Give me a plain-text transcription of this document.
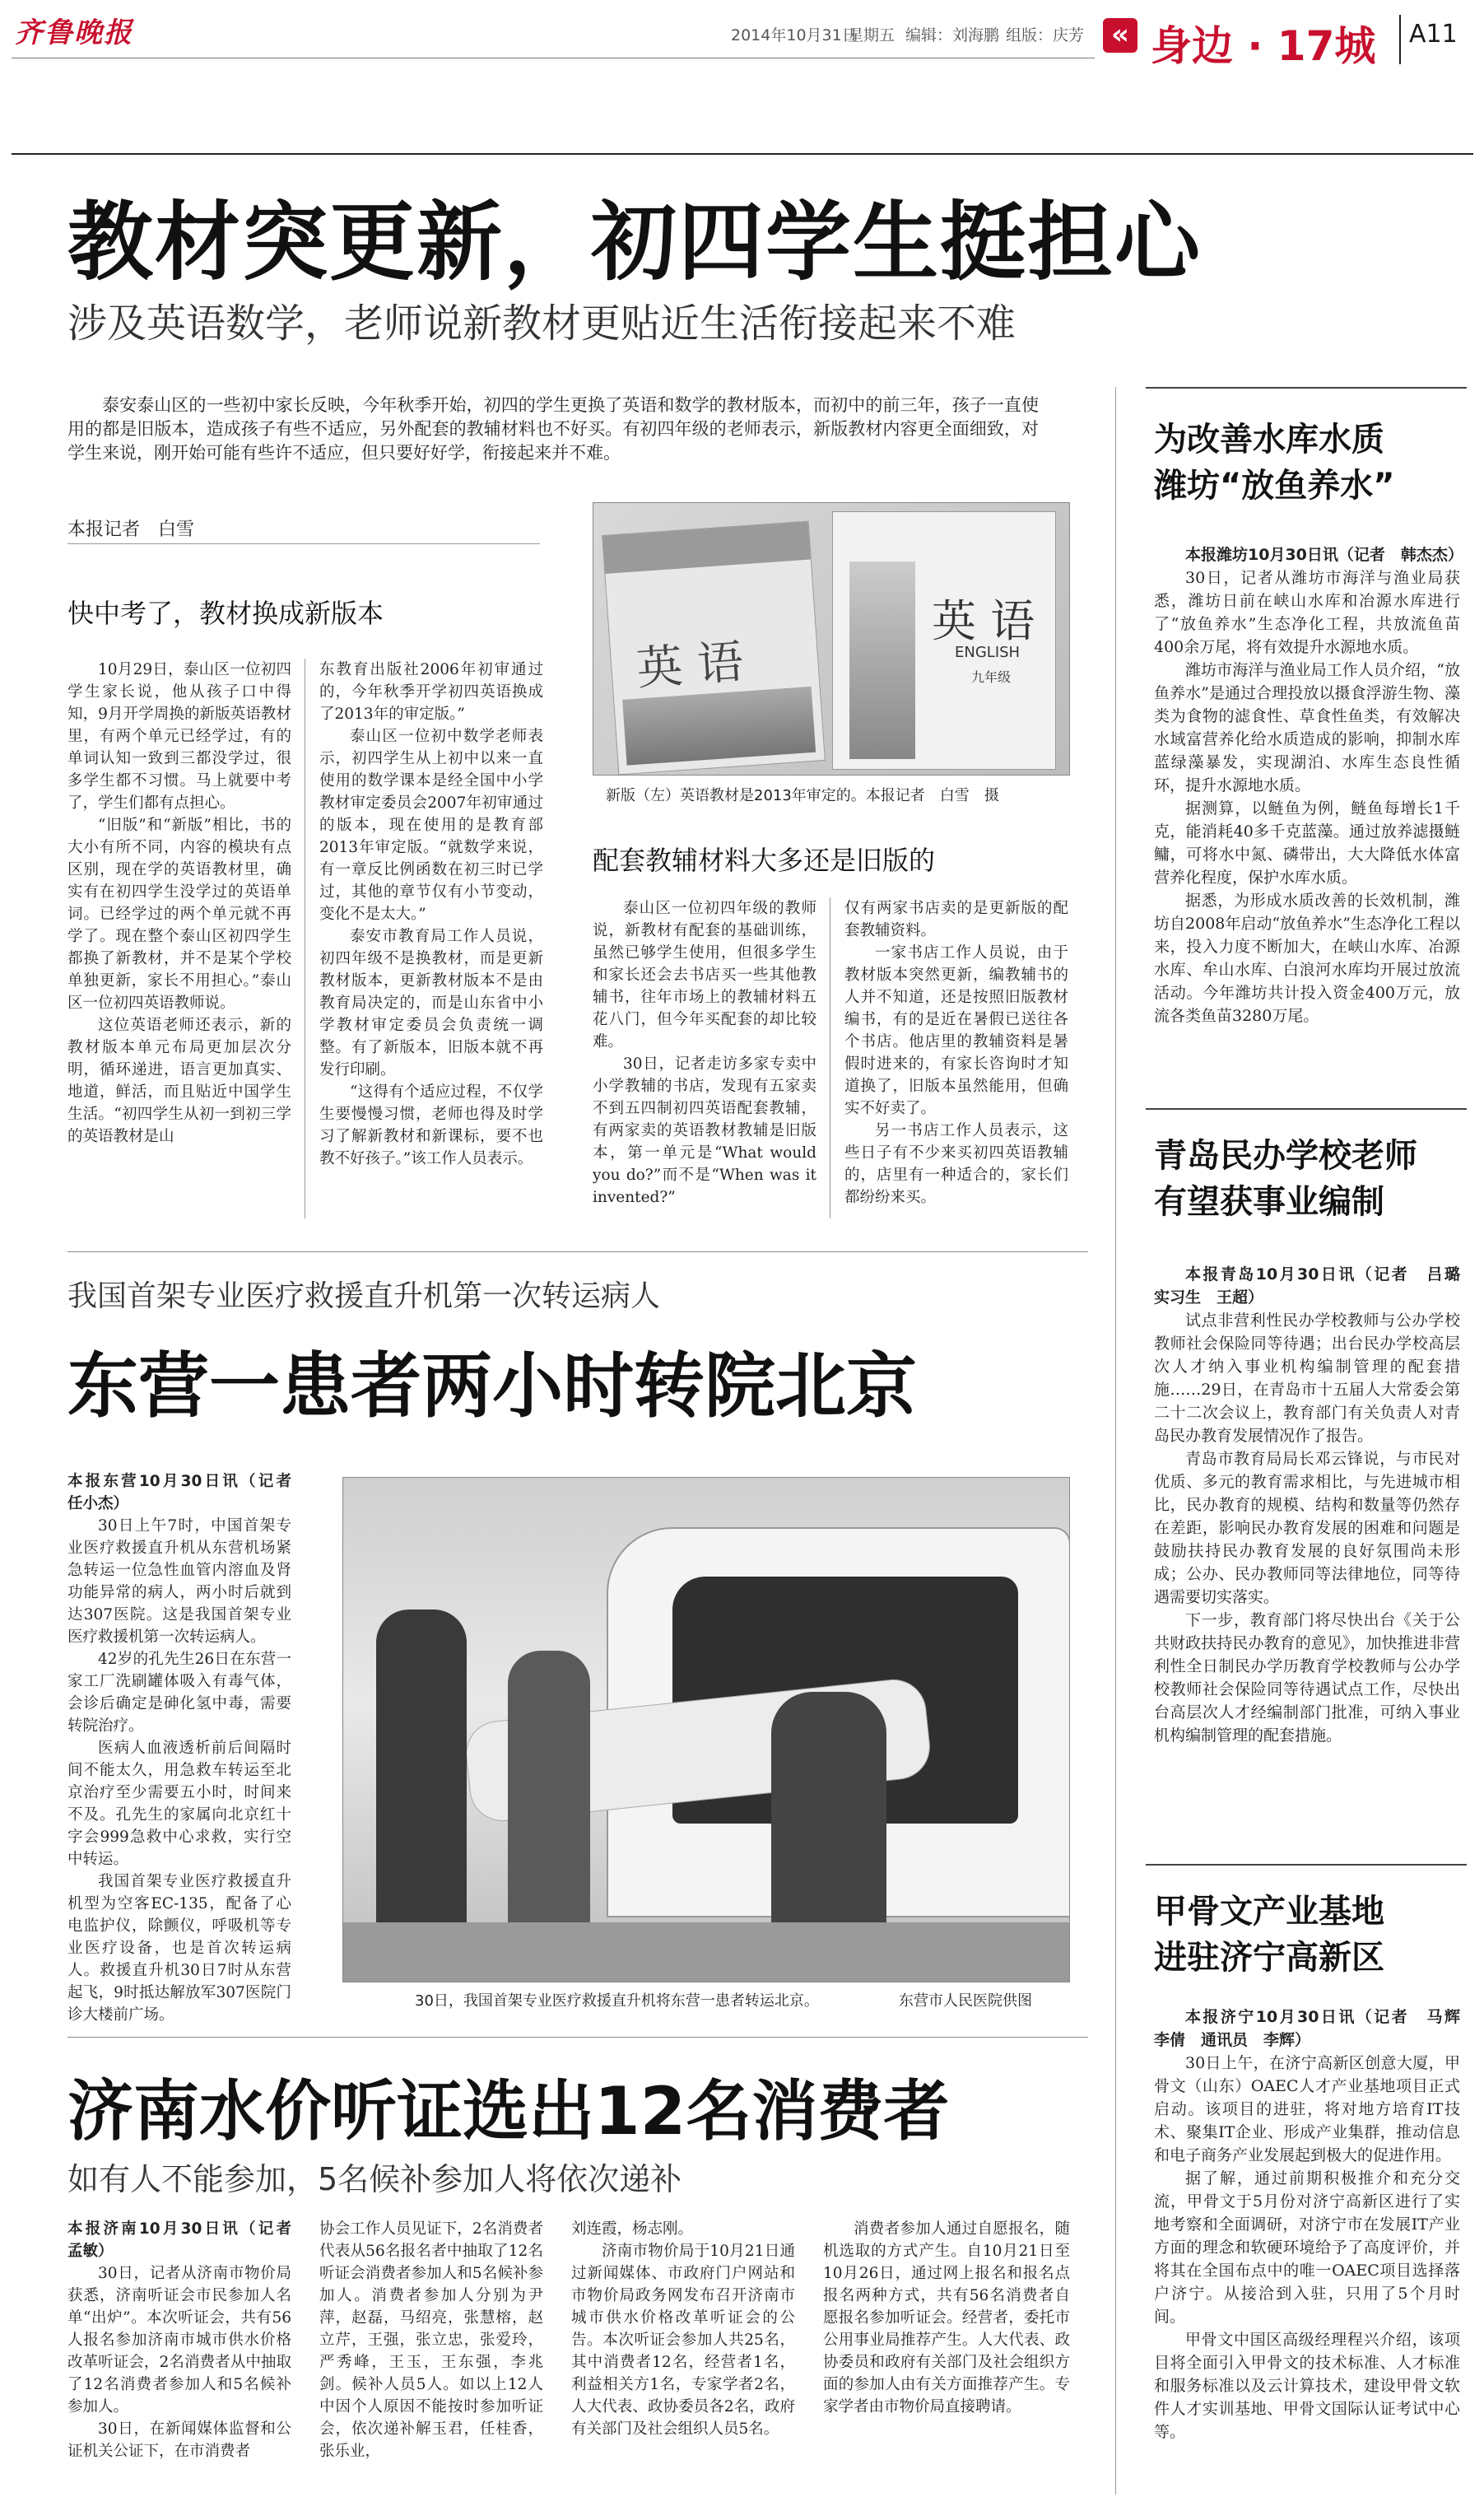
齐鲁晚报	2014年10月31日
星期五 编辑：刘海鹏 组版：庆芳 « 身边 · 17城 A11
教材突更新，初四学生挺担心
涉及英语数学，老师说新教材更贴近生活衔接起来不难
泰安泰山区的一些初中家长反映，今年秋季开始，初四的学生更换了英语和数学的教材版本，而初中的前三年，孩子一直使用的都是旧版本，造成孩子有些不适应，另外配套的教辅材料也不好买。有初四年级的老师表示，新版教材内容更全面细致，对学生来说，刚开始可能有些许不适应，但只要好好学，衔接起来并不难。
本报记者　白雪
快中考了，教材换成新版本

10月29日，泰山区一位初四学生家长说，他从孩子口中得知，9月开学周换的新版英语教材里，有两个单元已经学过，有的单词认知一致到三都没学过，很多学生都不习惯。马上就要中考了，学生们都有点担心。

“旧版”和“新版”相比，书的大小有所不同，内容的模块有点区别，现在学的英语教材里，确实有在初四学生没学过的英语单词。已经学过的两个单元就不再学了。现在整个泰山区初四学生都换了新教材，并不是某个学校单独更新，家长不用担心。”泰山区一位初四英语教师说。

这位英语老师还表示，新的教材版本单元布局更加层次分明，循环递进，语言更加真实、地道，鲜活，而且贴近中国学生生活。“初四学生从初一到初三学的英语教材是山

东教育出版社2006年初审通过的，今年秋季开学初四英语换成了2013年的审定版。”

泰山区一位初中数学老师表示，初四学生从上初中以来一直使用的数学课本是经全国中小学教材审定委员会2007年初审通过的版本，现在使用的是教育部2013年审定版。“就数学来说，有一章反比例函数在初三时已学过，其他的章节仅有小节变动，变化不是太大。”

泰安市教育局工作人员说，初四年级不是换教材，而是更新教材版本，更新教材版本不是由教育局决定的，而是山东省中小学教材审定委员会负责统一调整。有了新版本，旧版本就不再发行印刷。

“这得有个适应过程，不仅学生要慢慢习惯，老师也得及时学习了解新教材和新课标，要不也教不好孩子。”该工作人员表示。

英 语
英 语
ENGLISH
九年级
新版（左）英语教材是2013年审定的。本报记者　白雪　摄
配套教辅材料大多还是旧版的

泰山区一位初四年级的教师说，新教材有配套的基础训练，虽然已够学生使用，但很多学生和家长还会去书店买一些其他教辅书，往年市场上的教辅材料五花八门，但今年买配套的却比较难。

30日，记者走访多家专卖中小学教辅的书店，发现有五家卖不到五四制初四英语配套教辅，有两家卖的英语教材教辅是旧版本，第一单元是“What would you do?”而不是“When was it invented?”

仅有两家书店卖的是更新版的配套教辅资料。

一家书店工作人员说，由于教材版本突然更新，编教辅书的人并不知道，还是按照旧版教材编书，有的是近在暑假已送往各个书店。他店里的教辅资料是暑假时进来的，有家长咨询时才知道换了，旧版本虽然能用，但确实不好卖了。

另一书店工作人员表示，这些日子有不少来买初四英语教辅的，店里有一种适合的，家长们都纷纷来买。

我国首架专业医疗救援直升机第一次转运病人
东营一患者两小时转院北京

本报东营10月30日讯（记者　任小杰）

30日上午7时，中国首架专业医疗救援直升机从东营机场紧急转运一位急性血管内溶血及肾功能异常的病人，两小时后就到达307医院。这是我国首架专业医疗救援机第一次转运病人。

42岁的孔先生26日在东营一家工厂洗刷罐体吸入有毒气体，会诊后确定是砷化氢中毒，需要转院治疗。

医病人血液透析前后间隔时间不能太久，用急救车转运至北京治疗至少需要五小时，时间来不及。孔先生的家属向北京红十字会999急救中心求救，实行空中转运。

我国首架专业医疗救援直升机型为空客EC-135，配备了心电监护仪，除颤仪，呼吸机等专业医疗设备，也是首次转运病人。救援直升机30日7时从东营起飞，9时抵达解放军307医院门诊大楼前广场。

30日，我国首架专业医疗救援直升机将东营一患者转运北京。	东营市人民医院供图
济南水价听证选出12名消费者
如有人不能参加，5名候补参加人将依次递补

本报济南10月30日讯（记者　孟敏）

30日，记者从济南市物价局获悉，济南听证会市民参加人名单“出炉”。本次听证会，共有56人报名参加济南市城市供水价格改革听证会，2名消费者从中抽取了12名消费者参加人和5名候补参加人。

30日，在新闻媒体监督和公证机关公证下，在市消费者

协会工作人员见证下，2名消费者代表从56名报名者中抽取了12名听证会消费者参加人和5名候补参加人。消费者参加人分别为尹萍，赵磊，马绍亮，张慧榕，赵立芹，王强，张立忠，张爱玲，严秀峰，王玉，王东强，李兆剑。候补人员5人。如以上12人中因个人原因不能按时参加听证会，依次递补解玉君，任桂香，张乐业，

刘连霞，杨志刚。

济南市物价局于10月21日通过新闻媒体、市政府门户网站和市物价局政务网发布召开济南市城市供水价格改革听证会的公告。本次听证会参加人共25名，其中消费者12名，经营者1名，利益相关方1名，专家学者2名，人大代表、政协委员各2名，政府有关部门及社会组织人员5名。

消费者参加人通过自愿报名，随机选取的方式产生。自10月21日至10月26日，通过网上报名和报名点报名两种方式，共有56名消费者自愿报名参加听证会。经营者，委托市公用事业局推荐产生。人大代表、政协委员和政府有关部门及社会组织方面的参加人由有关方面推荐产生。专家学者由市物价局直接聘请。

为改善水库水质
潍坊“放鱼养水”

本报潍坊10月30日讯（记者　韩杰杰）

30日，记者从潍坊市海洋与渔业局获悉，潍坊日前在峡山水库和冶源水库进行了“放鱼养水”生态净化工程，共放流鱼苗400余万尾，将有效提升水源地水质。

潍坊市海洋与渔业局工作人员介绍，“放鱼养水”是通过合理投放以摄食浮游生物、藻类为食物的滤食性、草食性鱼类，有效解决水域富营养化给水质造成的影响，抑制水库蓝绿藻暴发，实现湖泊、水库生态良性循环，提升水源地水质。

据测算，以鲢鱼为例，鲢鱼每增长1千克，能消耗40多千克蓝藻。通过放养滤摄鲢鳙，可将水中氮、磷带出，大大降低水体富营养化程度，保护水库水质。

据悉，为形成水质改善的长效机制，潍坊自2008年启动“放鱼养水”生态净化工程以来，投入力度不断加大，在峡山水库、冶源水库、牟山水库、白浪河水库均开展过放流活动。今年潍坊共计投入资金400万元，放流各类鱼苗3280万尾。

青岛民办学校老师
有望获事业编制

本报青岛10月30日讯（记者　吕璐　实习生　王超）

试点非营利性民办学校教师与公办学校教师社会保险同等待遇；出台民办学校高层次人才纳入事业机构编制管理的配套措施……29日，在青岛市十五届人大常委会第二十二次会议上，教育部门有关负责人对青岛民办教育发展情况作了报告。

青岛市教育局局长邓云锋说，与市民对优质、多元的教育需求相比，与先进城市相比，民办教育的规模、结构和数量等仍然存在差距，影响民办教育发展的困难和问题是鼓励扶持民办教育发展的良好氛围尚未形成；公办、民办教师同等法律地位，同等待遇需要切实落实。

下一步，教育部门将尽快出台《关于公共财政扶持民办教育的意见》，加快推进非营利性全日制民办学历教育学校教师与公办学校教师社会保险同等待遇试点工作，尽快出台高层次人才经编制部门批准，可纳入事业机构编制管理的配套措施。

甲骨文产业基地
进驻济宁高新区

本报济宁10月30日讯（记者　马辉　李倩　通讯员　李辉）

30日上午，在济宁高新区创意大厦，甲骨文（山东）OAEC人才产业基地项目正式启动。该项目的进驻，将对地方培育IT技术、聚集IT企业、形成产业集群，推动信息和电子商务产业发展起到极大的促进作用。

据了解，通过前期积极推介和充分交流，甲骨文于5月份对济宁高新区进行了实地考察和全面调研，对济宁市在发展IT产业方面的理念和软硬环境给予了高度评价，并将其在全国布点中的唯一OAEC项目选择落户济宁。从接洽到入驻，只用了5个月时间。

甲骨文中国区高级经理程兴介绍，该项目将全面引入甲骨文的技术标准、人才标准和服务标准以及云计算技术，建设甲骨文软件人才实训基地、甲骨文国际认证考试中心等。
